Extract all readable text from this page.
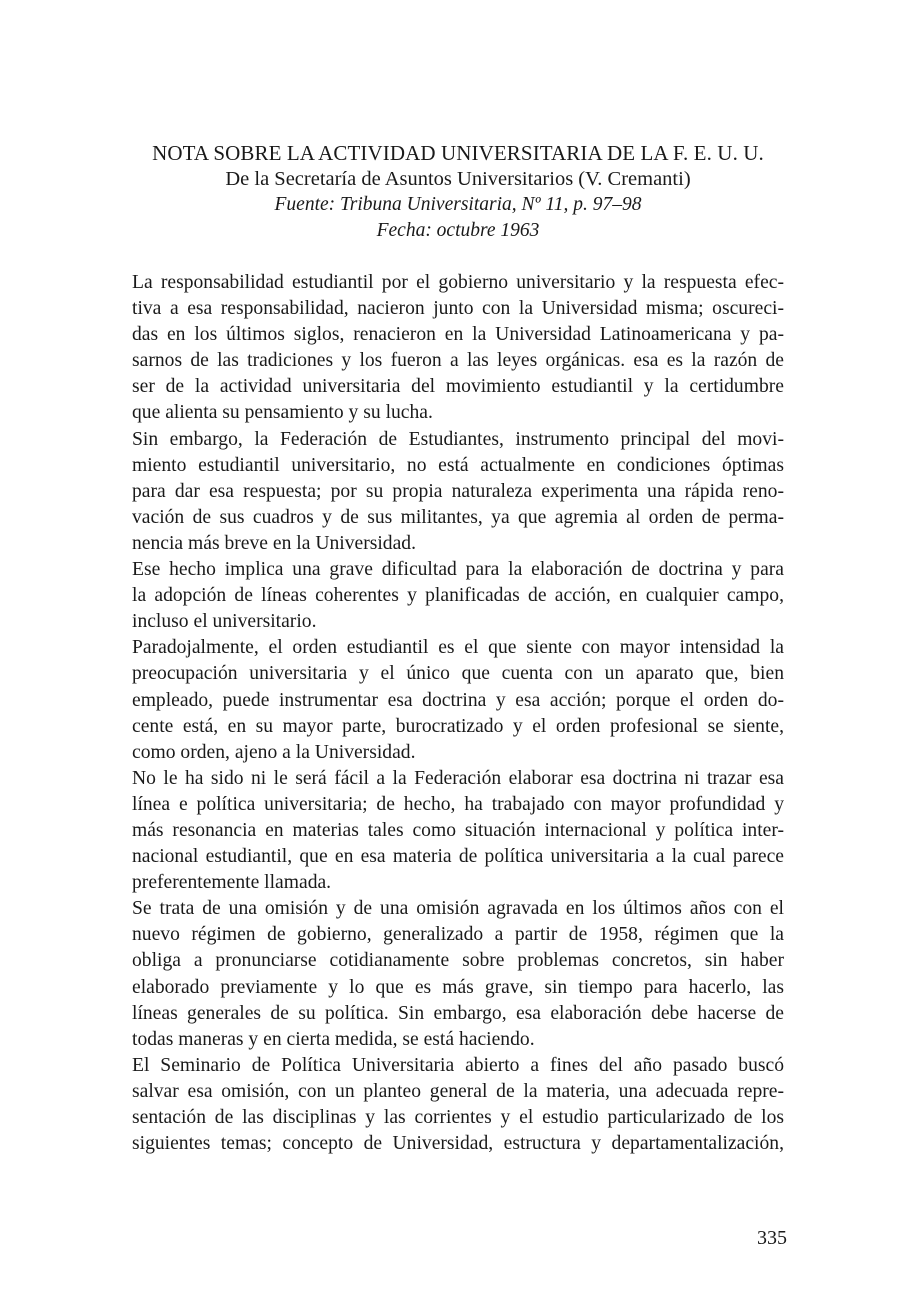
NOTA SOBRE LA ACTIVIDAD UNIVERSITARIA DE LA F. E. U. U.
De la Secretaría de Asuntos Universitarios (V. Cremanti)
Fuente: Tribuna Universitaria, Nº 11, p. 97–98
Fecha: octubre 1963
La responsabilidad estudiantil por el gobierno universitario y la respuesta efec-
tiva a esa responsabilidad, nacieron junto con la Universidad misma; oscureci-
das en los últimos siglos, renacieron en la Universidad Latinoamericana y pa-
sarnos de las tradiciones y los fueron a las leyes orgánicas. esa es la razón de
ser de la actividad universitaria del movimiento estudiantil y la certidumbre
que alienta su pensamiento y su lucha.
Sin embargo, la Federación de Estudiantes, instrumento principal del movi-
miento estudiantil universitario, no está actualmente en condiciones óptimas
para dar esa respuesta; por su propia naturaleza experimenta una rápida reno-
vación de sus cuadros y de sus militantes, ya que agremia al orden de perma-
nencia más breve en la Universidad.
Ese hecho implica una grave dificultad para la elaboración de doctrina y para
la adopción de líneas coherentes y planificadas de acción, en cualquier campo,
incluso el universitario.
Paradojalmente, el orden estudiantil es el que siente con mayor intensidad la
preocupación universitaria y el único que cuenta con un aparato que, bien
empleado, puede instrumentar esa doctrina y esa acción; porque el orden do-
cente está, en su mayor parte, burocratizado y el orden profesional se siente,
como orden, ajeno a la Universidad.
No le ha sido ni le será fácil a la Federación elaborar esa doctrina ni trazar esa
línea e política universitaria; de hecho, ha trabajado con mayor profundidad y
más resonancia en materias tales como situación internacional y política inter-
nacional estudiantil, que en esa materia de política universitaria a la cual parece
preferentemente llamada.
Se trata de una omisión y de una omisión agravada en los últimos años con el
nuevo régimen de gobierno, generalizado a partir de 1958, régimen que la
obliga a pronunciarse cotidianamente sobre problemas concretos, sin haber
elaborado previamente y lo que es más grave, sin tiempo para hacerlo, las
líneas generales de su política. Sin embargo, esa elaboración debe hacerse de
todas maneras y en cierta medida, se está haciendo.
El Seminario de Política Universitaria abierto a fines del año pasado buscó
salvar esa omisión, con un planteo general de la materia, una adecuada repre-
sentación de las disciplinas y las corrientes y el estudio particularizado de los
siguientes temas; concepto de Universidad, estructura y departamentalización,
335
